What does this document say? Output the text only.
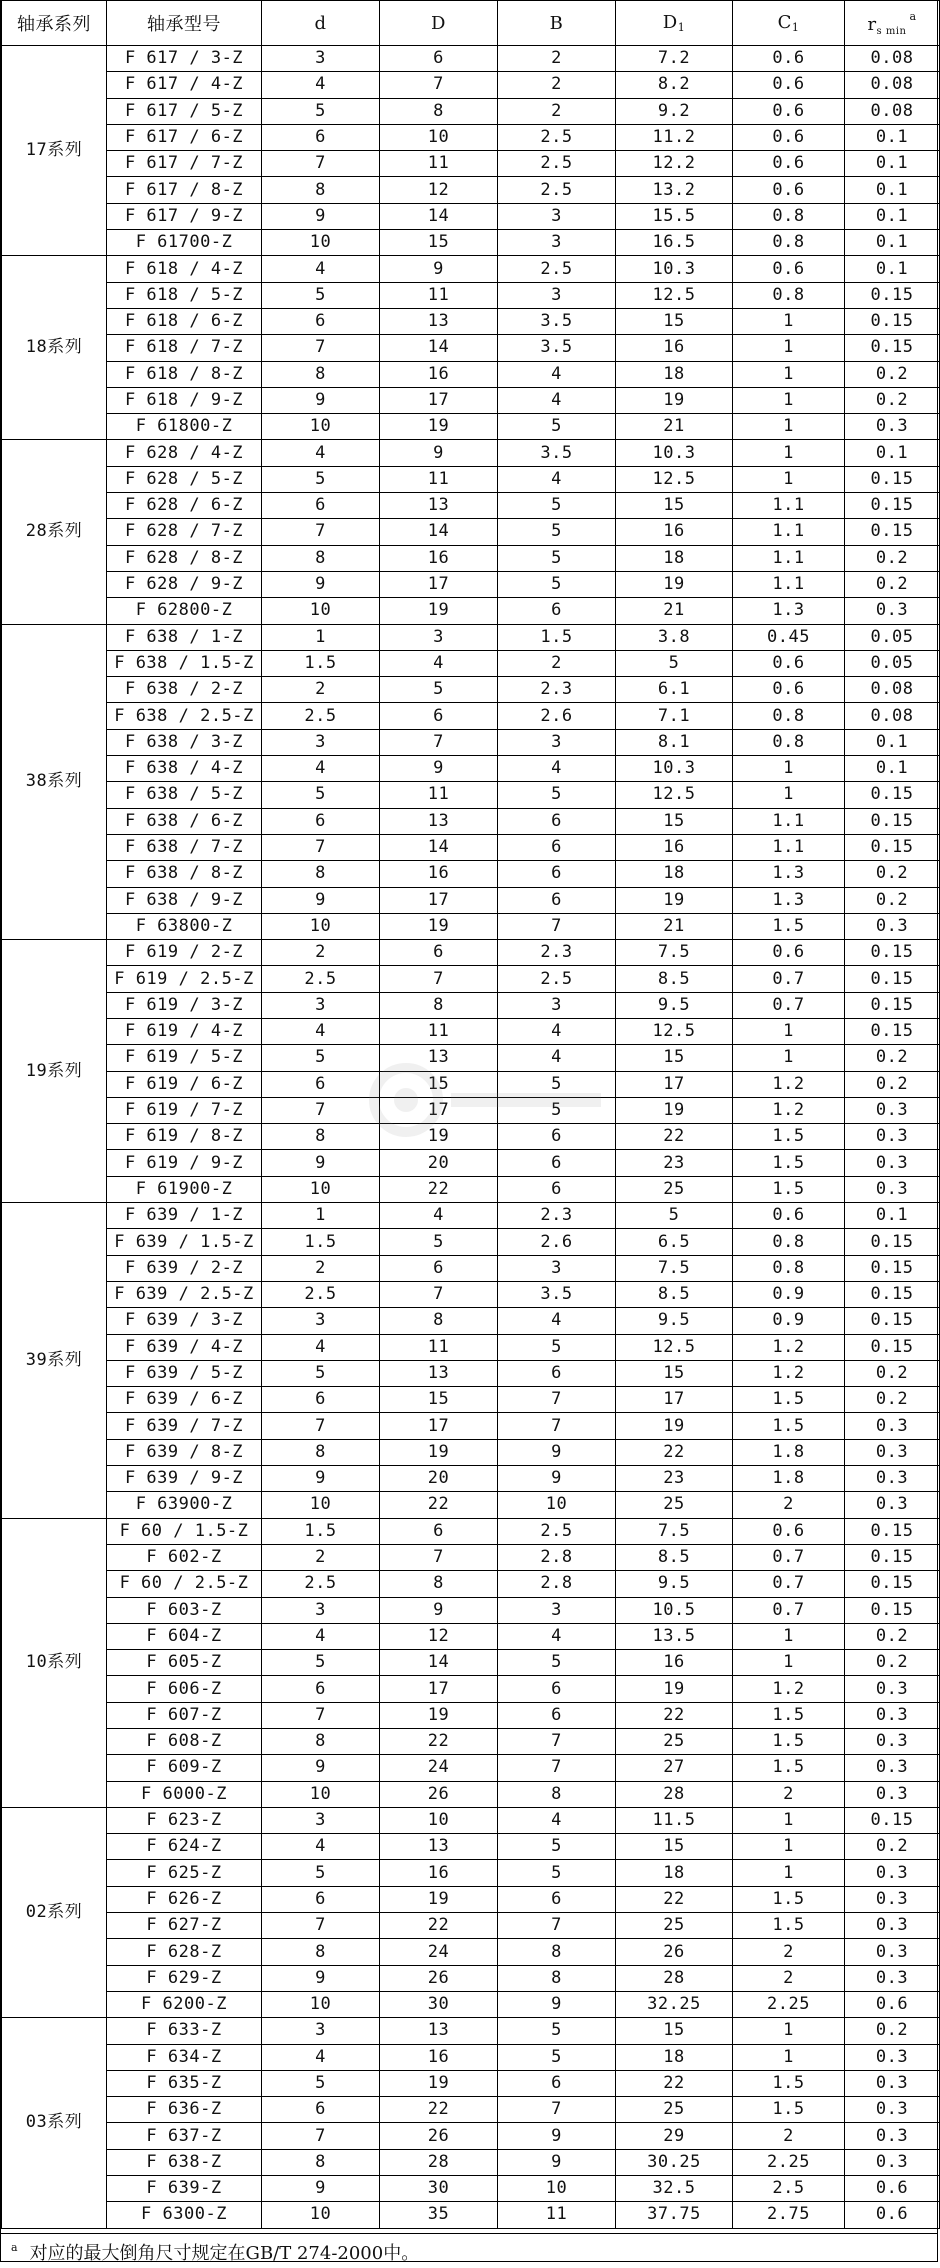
轴承系列	轴承型号	d	D	B	$D_1$	$C_1$	$r_{s min}^a$
17系列	F 617 / 3-Z	3	6	2	7.2	0.6	0.08
	F 617 / 4-Z	4	7	2	8.2	0.6	0.08
	F 617 / 5-Z	5	8	2	9.2	0.6	0.08
	F 617 / 6-Z	6	10	2.5	11.2	0.6	0.1
	F 617 / 7-Z	7	11	2.5	12.2	0.6	0.1
	F 617 / 8-Z	8	12	2.5	13.2	0.6	0.1
	F 617 / 9-Z	9	14	3	15.5	0.8	0.1
	F 61700-Z	10	15	3	16.5	0.8	0.1
18系列	F 618 / 4-Z	4	9	2.5	10.3	0.6	0.1
	F 618 / 5-Z	5	11	3	12.5	0.8	0.15
	F 618 / 6-Z	6	13	3.5	15	1	0.15
	F 618 / 7-Z	7	14	3.5	16	1	0.15
	F 618 / 8-Z	8	16	4	18	1	0.2
	F 618 / 9-Z	9	17	4	19	1	0.2
	F 61800-Z	10	19	5	21	1	0.3
28系列	F 628 / 4-Z	4	9	3.5	10.3	1	0.1
	F 628 / 5-Z	5	11	4	12.5	1	0.15
	F 628 / 6-Z	6	13	5	15	1.1	0.15
	F 628 / 7-Z	7	14	5	16	1.1	0.15
	F 628 / 8-Z	8	16	5	18	1.1	0.2
	F 628 / 9-Z	9	17	5	19	1.1	0.2
	F 62800-Z	10	19	6	21	1.3	0.3
38系列	F 638 / 1-Z	1	3	1.5	3.8	0.45	0.05
	F 638 / 1.5-Z	1.5	4	2	5	0.6	0.05
	F 638 / 2-Z	2	5	2.3	6.1	0.6	0.08
	F 638 / 2.5-Z	2.5	6	2.6	7.1	0.8	0.08
	F 638 / 3-Z	3	7	3	8.1	0.8	0.1
	F 638 / 4-Z	4	9	4	10.3	1	0.1
	F 638 / 5-Z	5	11	5	12.5	1	0.15
	F 638 / 6-Z	6	13	6	15	1.1	0.15
	F 638 / 7-Z	7	14	6	16	1.1	0.15
	F 638 / 8-Z	8	16	6	18	1.3	0.2
	F 638 / 9-Z	9	17	6	19	1.3	0.2
	F 63800-Z	10	19	7	21	1.5	0.3
19系列	F 619 / 2-Z	2	6	2.3	7.5	0.6	0.15
	F 619 / 2.5-Z	2.5	7	2.5	8.5	0.7	0.15
	F 619 / 3-Z	3	8	3	9.5	0.7	0.15
	F 619 / 4-Z	4	11	4	12.5	1	0.15
	F 619 / 5-Z	5	13	4	15	1	0.2
	F 619 / 6-Z	6	15	5	17	1.2	0.2
	F 619 / 7-Z	7	17	5	19	1.2	0.3
	F 619 / 8-Z	8	19	6	22	1.5	0.3
	F 619 / 9-Z	9	20	6	23	1.5	0.3
	F 61900-Z	10	22	6	25	1.5	0.3
39系列	F 639 / 1-Z	1	4	2.3	5	0.6	0.1
	F 639 / 1.5-Z	1.5	5	2.6	6.5	0.8	0.15
	F 639 / 2-Z	2	6	3	7.5	0.8	0.15
	F 639 / 2.5-Z	2.5	7	3.5	8.5	0.9	0.15
	F 639 / 3-Z	3	8	4	9.5	0.9	0.15
	F 639 / 4-Z	4	11	5	12.5	1.2	0.15
	F 639 / 5-Z	5	13	6	15	1.2	0.2
	F 639 / 6-Z	6	15	7	17	1.5	0.2
	F 639 / 7-Z	7	17	7	19	1.5	0.3
	F 639 / 8-Z	8	19	9	22	1.8	0.3
	F 639 / 9-Z	9	20	9	23	1.8	0.3
	F 63900-Z	10	22	10	25	2	0.3
10系列	F 60 / 1.5-Z	1.5	6	2.5	7.5	0.6	0.15
	F 602-Z	2	7	2.8	8.5	0.7	0.15
	F 60 / 2.5-Z	2.5	8	2.8	9.5	0.7	0.15
	F 603-Z	3	9	3	10.5	0.7	0.15
	F 604-Z	4	12	4	13.5	1	0.2
	F 605-Z	5	14	5	16	1	0.2
	F 606-Z	6	17	6	19	1.2	0.3
	F 607-Z	7	19	6	22	1.5	0.3
	F 608-Z	8	22	7	25	1.5	0.3
	F 609-Z	9	24	7	27	1.5	0.3
	F 6000-Z	10	26	8	28	2	0.3
02系列	F 623-Z	3	10	4	11.5	1	0.15
	F 624-Z	4	13	5	15	1	0.2
	F 625-Z	5	16	5	18	1	0.3
	F 626-Z	6	19	6	22	1.5	0.3
	F 627-Z	7	22	7	25	1.5	0.3
	F 628-Z	8	24	8	26	2	0.3
	F 629-Z	9	26	8	28	2	0.3
	F 6200-Z	10	30	9	32.25	2.25	0.6
03系列	F 633-Z	3	13	5	15	1	0.2
	F 634-Z	4	16	5	18	1	0.3
	F 635-Z	5	19	6	22	1.5	0.3
	F 636-Z	6	22	7	25	1.5	0.3
	F 637-Z	7	26	9	29	2	0.3
	F 638-Z	8	28	9	30.25	2.25	0.3
	F 639-Z	9	30	10	32.5	2.5	0.6
	F 6300-Z	10	35	11	37.75	2.75	0.6
$^a$ 对应的最大倒角尺寸规定在GB/T 274-2000中。
